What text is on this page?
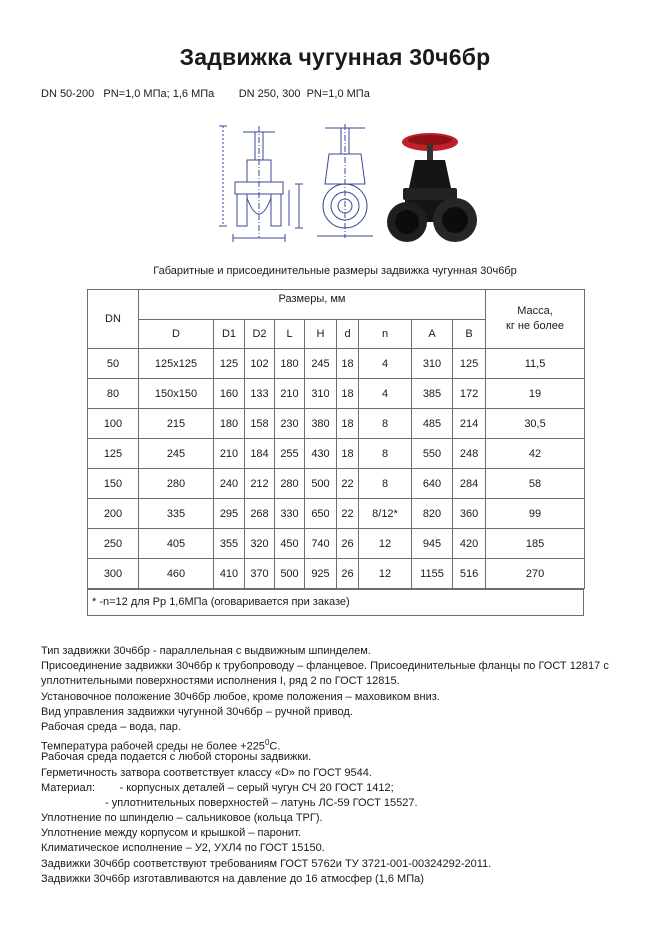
Задвижка чугунная 30ч6бр
DN 50-200   PN=1,0 МПа; 1,6 МПа        DN 250, 300  PN=1,0 МПа
Габаритные и присоединительные размеры задвижка чугунная 30ч6бр
DN	Размеры, мм									Масса,
кг не более

	D	D1	D2	L	H	d	n	A	B	
50	125x125	125	102	180	245	18	4	310	125	11,5
80	150x150	160	133	210	310	18	4	385	172	19
100	215	180	158	230	380	18	8	485	214	30,5
125	245	210	184	255	430	18	8	550	248	42
150	280	240	212	280	500	22	8	640	284	58
200	335	295	268	330	650	22	8/12*	820	360	99
250	405	355	320	450	740	26	12	945	420	185
300	460	410	370	500	925	26	12	1155	516	270
* -n=12 для Рр 1,6МПа (оговаривается при заказе)
Тип задвижки 30ч6бр - параллельная с выдвижным шпинделем.
Присоединение задвижки 30ч6бр к трубопроводу – фланцевое. Присоединительные фланцы по ГОСТ 12817 с
уплотнительными поверхностями исполнения I, ряд 2 по ГОСТ 12815.
Установочное положение 30ч6бр любое, кроме положения – маховиком вниз.
Вид управления задвижки чугунной 30ч6бр – ручной привод.
Рабочая среда – вода, пар.
Температура рабочей среды не более $+225^0С$.
Рабочая среда подается с любой стороны задвижки.
Герметичность затвора соответствует классу «D» по ГОСТ 9544.
Материал:        - корпусных деталей – серый чугун СЧ 20 ГОСТ 1412;
- уплотнительных поверхностей – латунь ЛС-59 ГОСТ 15527.
Уплотнение по шпинделю – сальниковое (кольца ТРГ).
Уплотнение между корпусом и крышкой – паронит.
Климатическое исполнение – У2, УХЛ4 по ГОСТ 15150.
Задвижки 30ч6бр соответствуют требованиям ГОСТ 5762и ТУ 3721-001-00324292-2011.
Задвижки 30ч6бр изготавливаются на давление до 16 атмосфер (1,6 МПа)
